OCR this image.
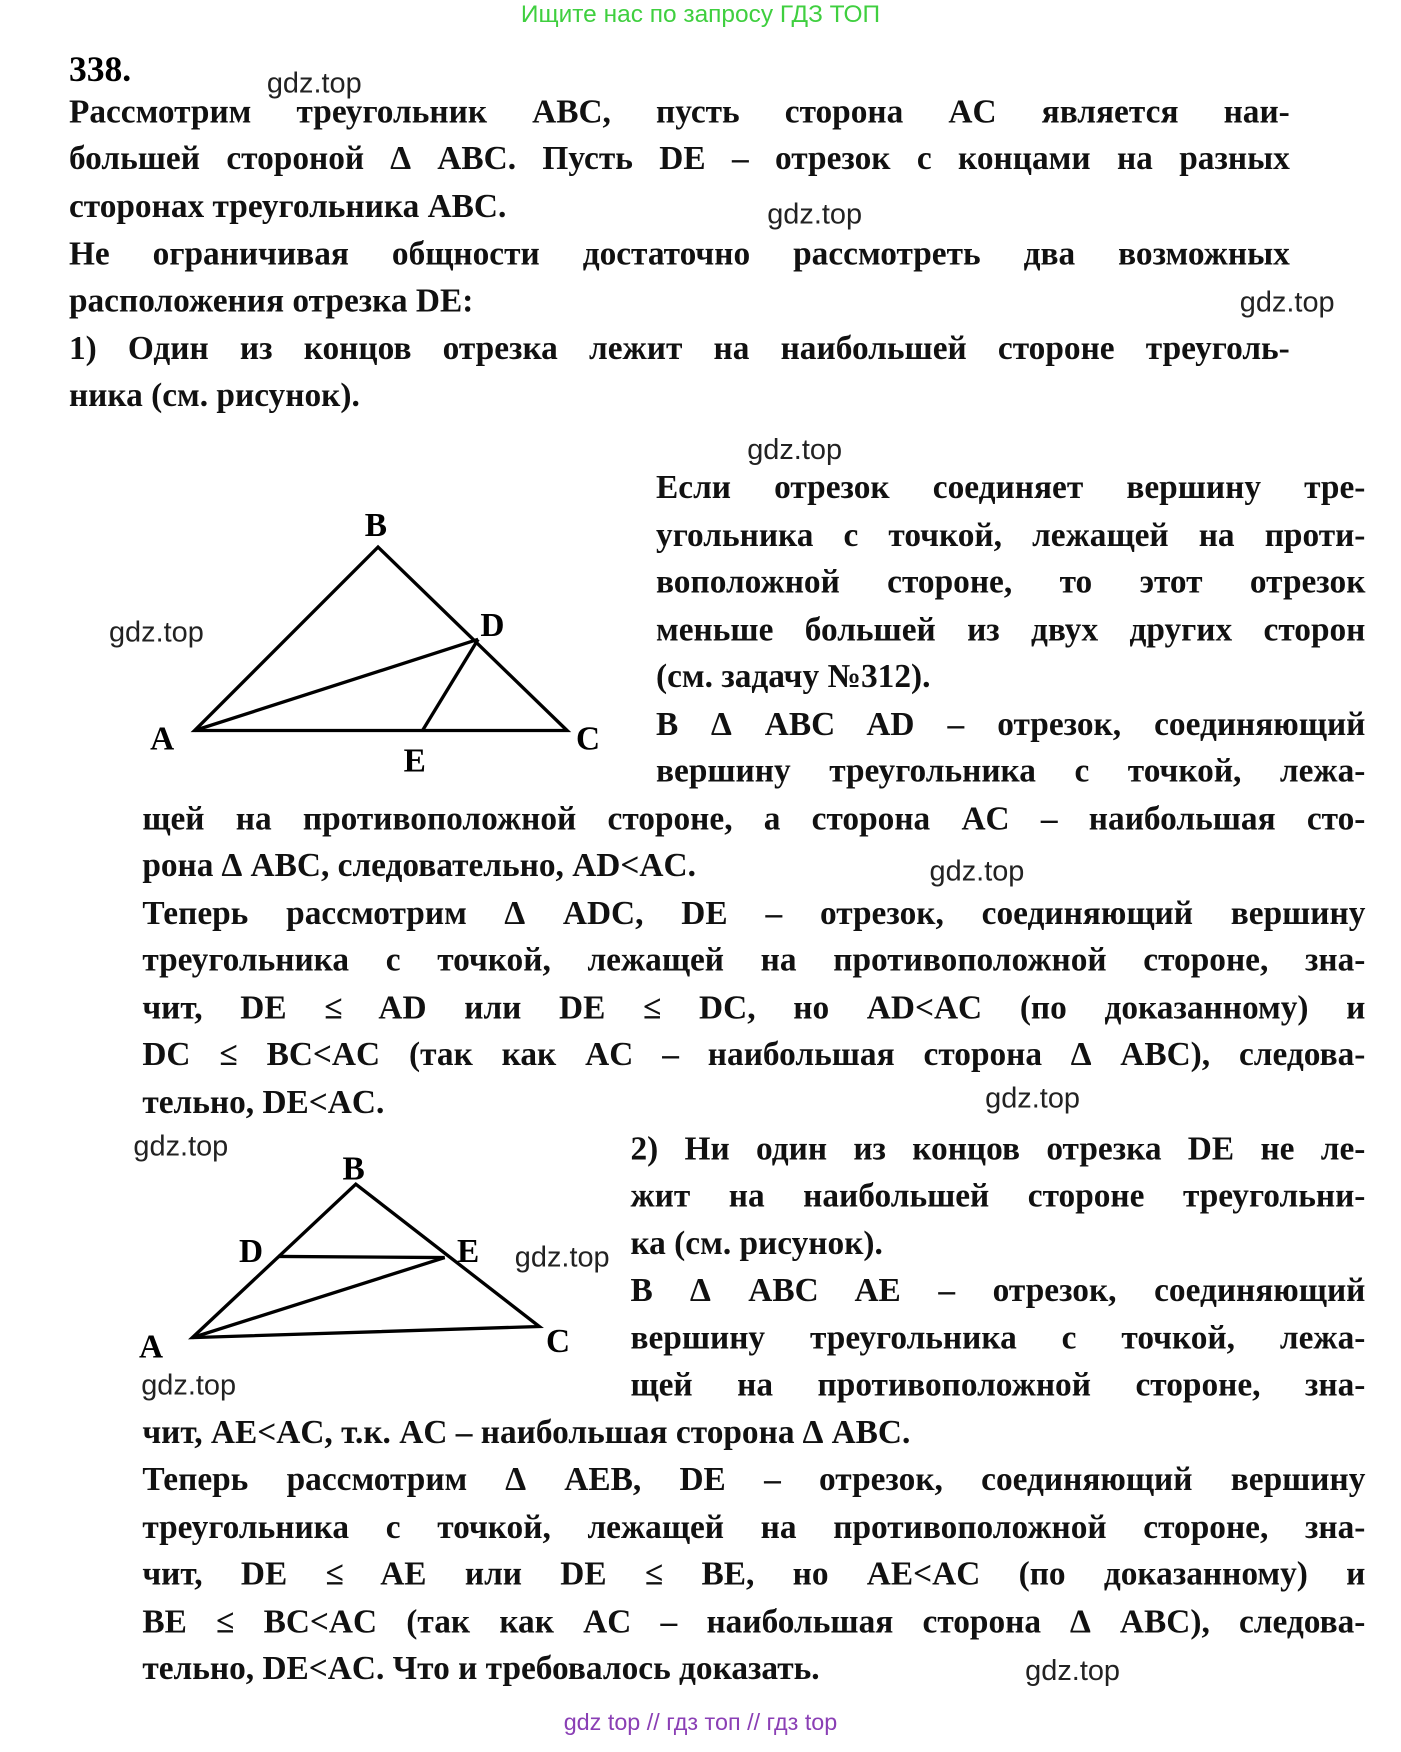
Ищите нас по запросу ГДЗ ТОП
338.
Рассмотрим треугольник ABC, пусть сторона AC является наи-
большей стороной ∆ ABC. Пусть DE – отрезок с концами на разных
сторонах треугольника ABC.
Не ограничивая общности достаточно рассмотреть два возможных
расположения отрезка DE:
1) Один из концов отрезка лежит на наибольшей стороне треуголь-
ника (см. рисунок).
Если отрезок соединяет вершину тре-
угольника с точкой, лежащей на проти-
воположной стороне, то этот отрезок
меньше большей из двух других сторон
(см. задачу №312).
В ∆ ABC AD – отрезок, соединяющий
вершину треугольника с точкой, лежа-
щей на противоположной стороне, а сторона AC – наибольшая сто-
рона ∆ ABC, следовательно, AD<AC.
Теперь рассмотрим ∆ ADC, DE – отрезок, соединяющий вершину
треугольника с точкой, лежащей на противоположной стороне, зна-
чит, DE ≤ AD или DE ≤ DC, но AD<AC (по доказанному) и
DC ≤ BC<AC (так как AC – наибольшая сторона ∆ ABC), следова-
тельно, DE<AC.
2) Ни один из концов отрезка DE не ле-
жит на наибольшей стороне треугольни-
ка (см. рисунок).
В ∆ ABC AE – отрезок, соединяющий
вершину треугольника с точкой, лежа-
щей на противоположной стороне, зна-
чит, AE<AC, т.к. AC – наибольшая сторона ∆ ABC.
Теперь рассмотрим ∆ AEB, DE – отрезок, соединяющий вершину
треугольника с точкой, лежащей на противоположной стороне, зна-
чит, DE ≤ AE или DE ≤ BE, но AE<AC (по доказанному) и
BE ≤ BC<AC (так как AC – наибольшая сторона ∆ ABC), следова-
тельно, DE<AC. Что и требовалось доказать.
B
D
A
E
C
B
D	E
A	C
gdz.top
gdz.top
gdz.top
gdz.top
gdz.top
gdz.top
gdz.top
gdz.top
gdz.top
gdz.top
gdz.top
gdz top // гдз топ // гдз top
